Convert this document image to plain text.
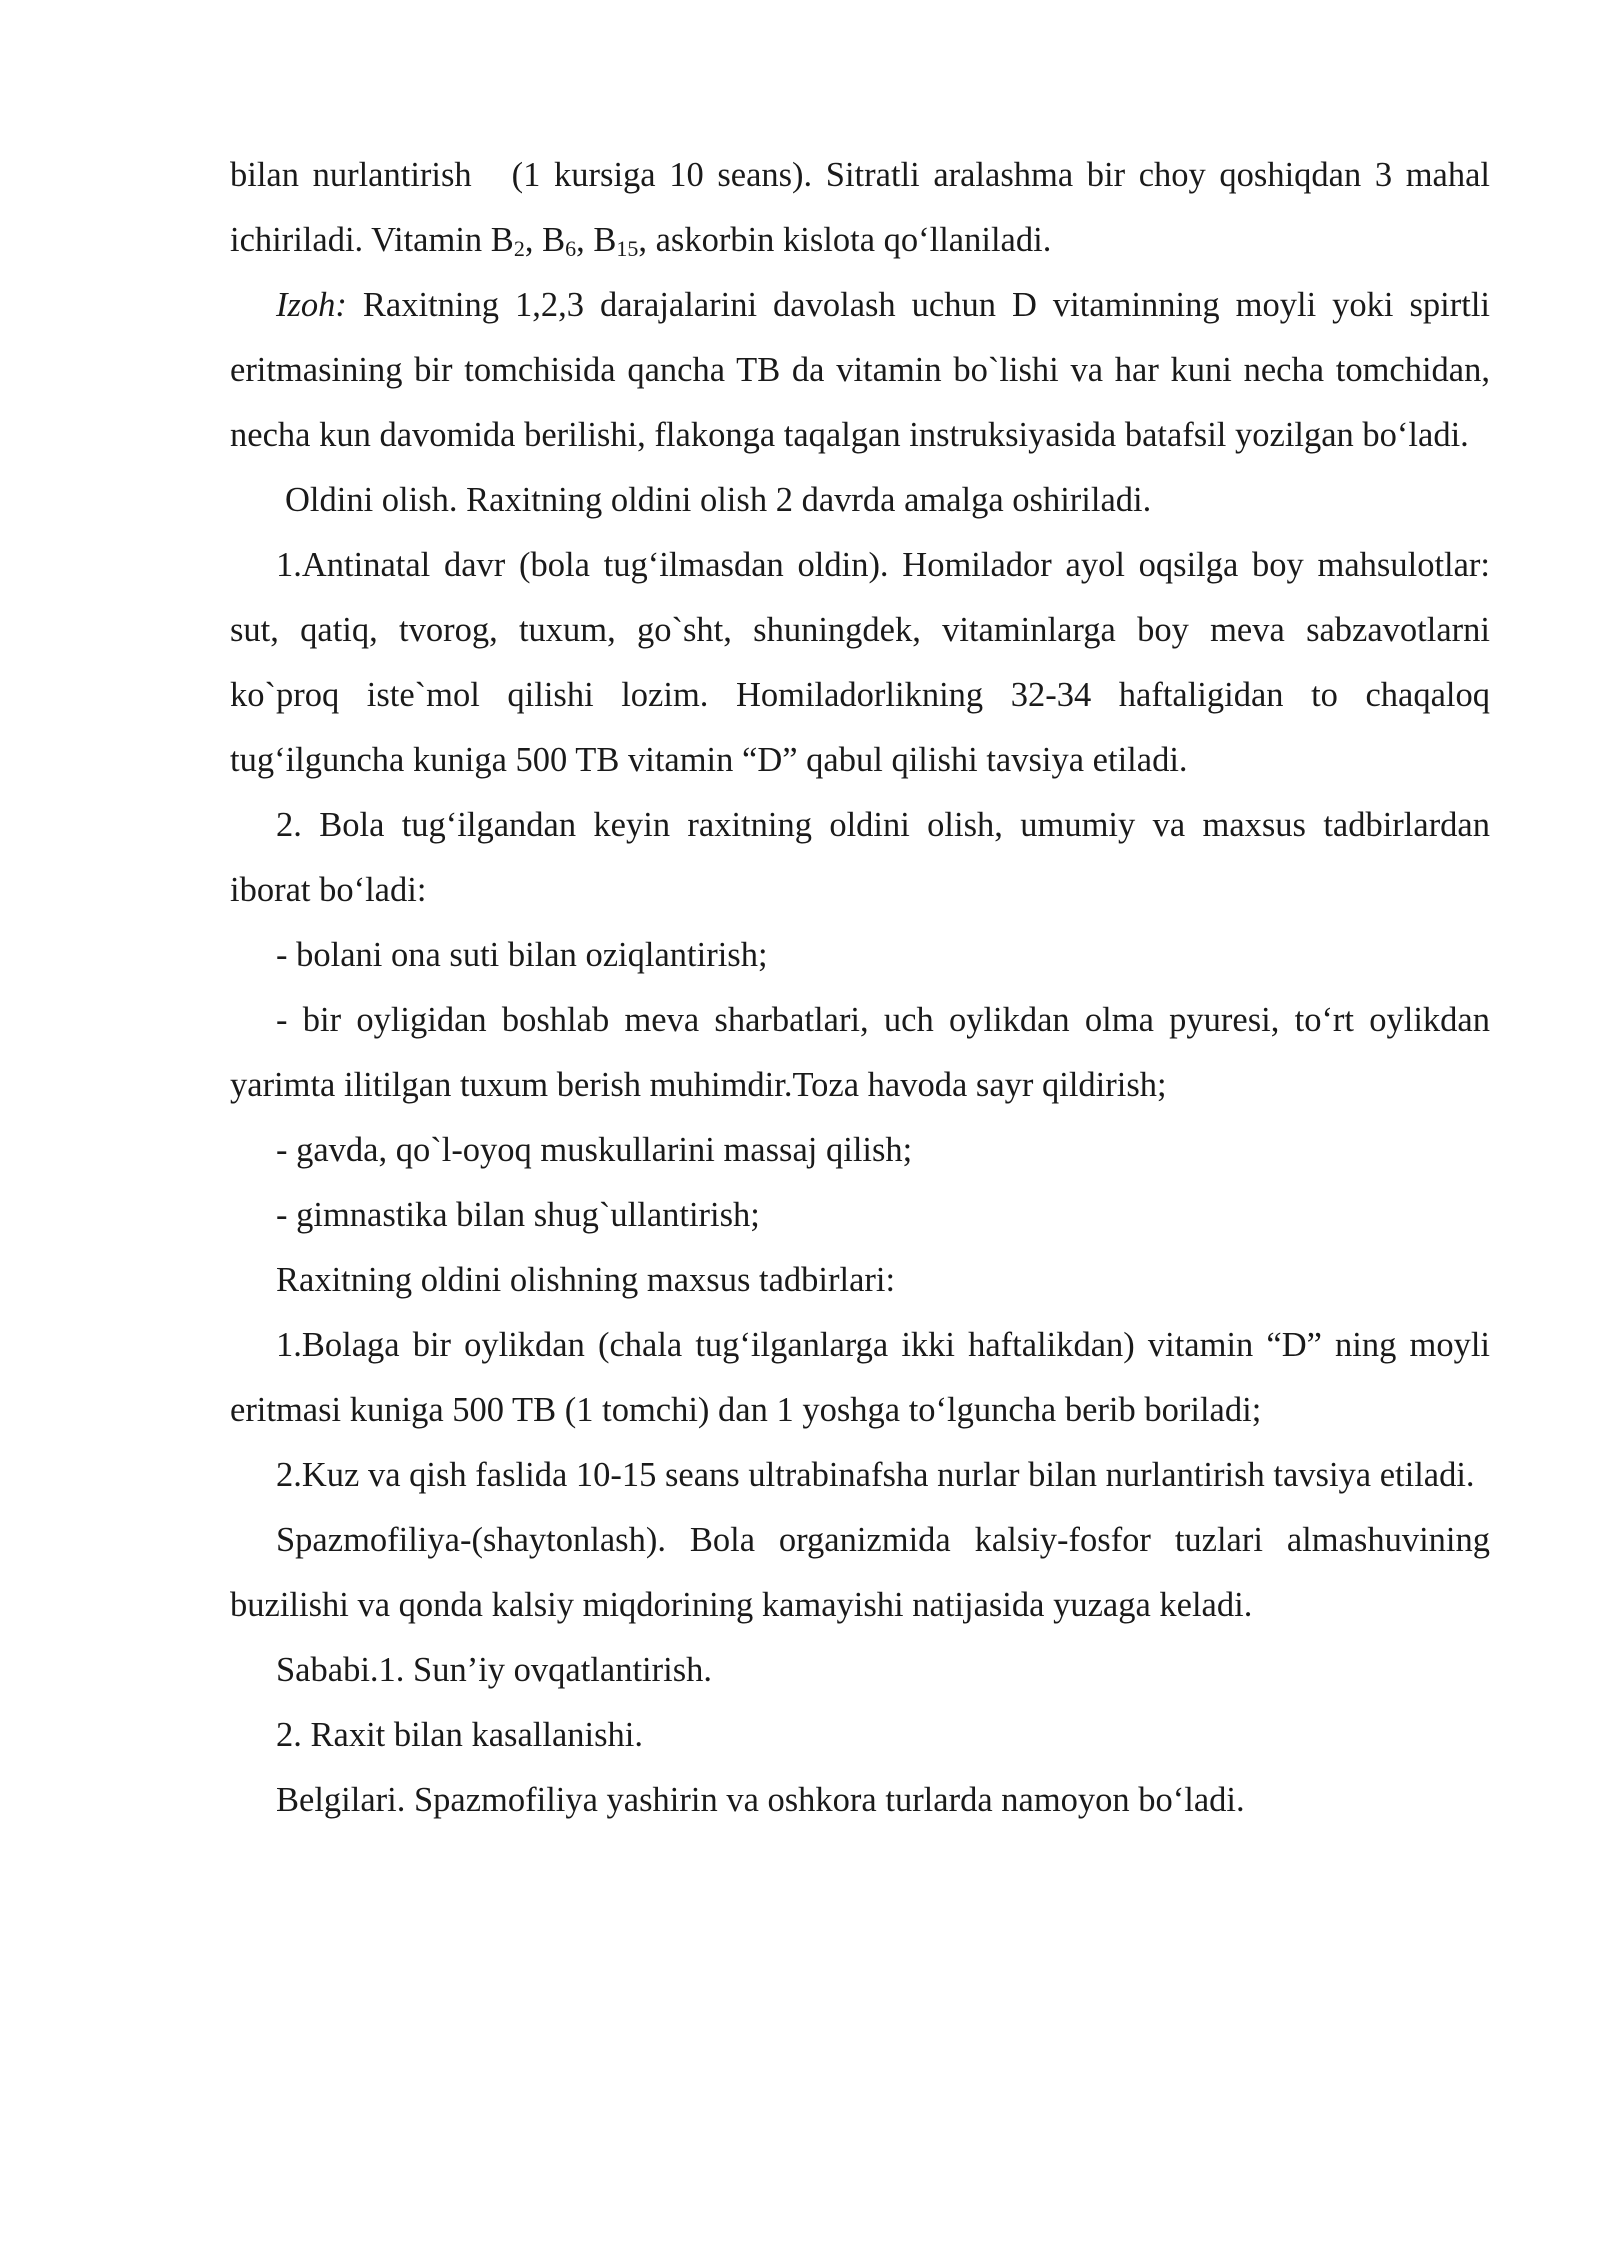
bilan nurlantirish (1 kursiga 10 seans). Sitratli aralashma bir choy qoshiqdan 3 mahal ichiriladi. Vitamin $B_2$, $B_6$, $B_{15}$, askorbin kislota qo‘llaniladi.

Izoh: Raxitning 1,2,3 darajalarini davolash uchun D vitaminning moyli yoki spirtli eritmasining bir tomchisida qancha TB da vitamin bo`lishi va har kuni necha tomchidan, necha kun davomida berilishi, flakonga taqalgan instruksiyasida batafsil yozilgan bo‘ladi.

Oldini olish. Raxitning oldini olish 2 davrda amalga oshiriladi.

1.Antinatal davr (bola tug‘ilmasdan oldin). Homilador ayol oqsilga boy mahsulotlar: sut, qatiq, tvorog, tuxum, go`sht, shuningdek, vitaminlarga boy meva sabzavotlarni ko`proq iste`mol qilishi lozim. Homiladorlikning 32-34 haftaligidan to chaqaloq tug‘ilguncha kuniga 500 TB vitamin “D” qabul qilishi tavsiya etiladi.

2. Bola tug‘ilgandan keyin raxitning oldini olish, umumiy va maxsus tadbirlardan iborat bo‘ladi:

- bolani ona suti bilan oziqlantirish;

- bir oyligidan boshlab meva sharbatlari, uch oylikdan olma pyuresi, to‘rt oylikdan yarimta ilitilgan tuxum berish muhimdir.Toza havoda sayr qildirish;

- gavda, qo`l-oyoq muskullarini massaj qilish;

- gimnastika bilan shug`ullantirish;

Raxitning oldini olishning maxsus tadbirlari:

1.Bolaga bir oylikdan (chala tug‘ilganlarga ikki haftalikdan) vitamin “D” ning moyli eritmasi kuniga 500 TB (1 tomchi) dan 1 yoshga to‘lguncha berib boriladi;

2.Kuz va qish faslida 10-15 seans ultrabinafsha nurlar bilan nurlantirish tavsiya etiladi.

Spazmofiliya-(shaytonlash). Bola organizmida kalsiy-fosfor tuzlari almashuvining buzilishi va qonda kalsiy miqdorining kamayishi natijasida yuzaga keladi.

Sababi.1. Sun’iy ovqatlantirish.

2. Raxit bilan kasallanishi.

Belgilari. Spazmofiliya yashirin va oshkora turlarda namoyon bo‘ladi.
